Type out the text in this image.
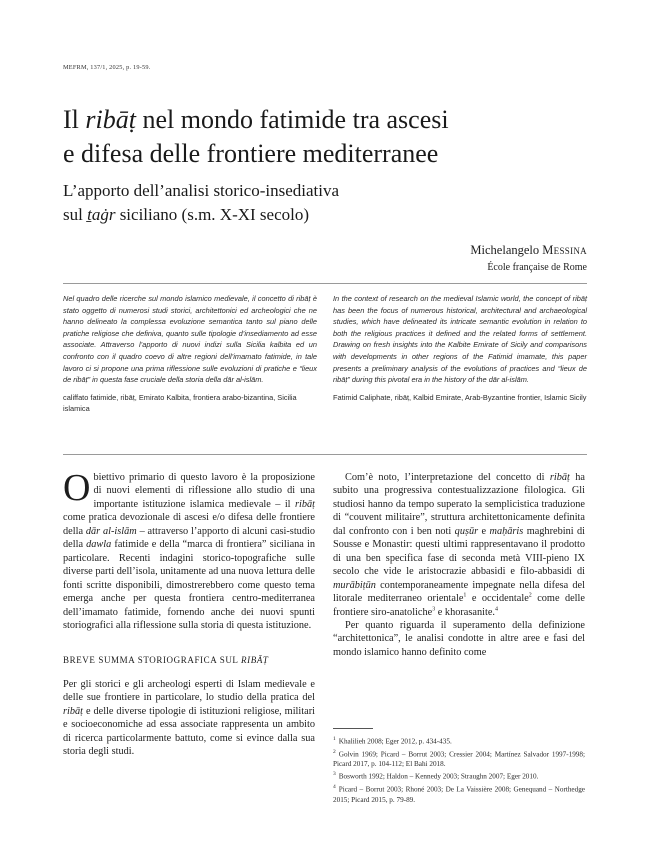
MEFRM, 137/1, 2025, p. 19-59.
Il ribāṭ nel mondo fatimide tra ascesi
e difesa delle frontiere mediterranee
L’apporto dell’analisi storico-insediativa
sul ṯaġr siciliano (s.m. X-XI secolo)
Michelangelo Messina
École française de Rome

Nel quadro delle ricerche sul mondo islamico medievale, il concetto di ribāṭ è stato oggetto di numerosi studi storici, architettonici ed archeologici che ne hanno delineato la complessa evoluzione semantica tanto sul piano delle pratiche religiose che definiva, quanto sulle tipologie d’insediamento ad esse associate. Attraverso l’apporto di nuovi indizi sulla Sicilia kalbita ed un confronto con il quadro coevo di altre regioni dell’imamato fatimide, in tale lavoro ci si propone una prima riflessione sulle evoluzioni di pratiche e “lieux de ribāṭ” in questa fase cruciale della storia della dār al-islām.

califfato fatimide, ribāṭ, Emirato Kalbita, frontiera arabo-bizantina, Sicilia islamica

In the context of research on the medieval Islamic world, the concept of ribāṭ has been the focus of numerous historical, architectural and archaeological studies, which have delineated its intricate semantic evolution in relation to both the religious practices it defined and the related forms of settlement. Drawing on fresh insights into the Kalbite Emirate of Sicily and comparisons with developments in other regions of the Fatimid imamate, this paper presents a preliminary analysis of the evolutions of practices and “lieux de ribāṭ” during this pivotal era in the history of the dār al-islām.

Fatimid Caliphate, ribāṭ, Kalbid Emirate, Arab-Byzantine frontier, Islamic Sicily

Obiettivo primario di questo lavoro è la proposizione di nuovi elementi di riflessione allo studio di una importante istituzione islamica medievale – il ribāṭ come pratica devozionale di ascesi e/o difesa delle frontiere della dār al-islām – attraverso l’apporto di alcuni casi-studio della dawla fatimide e della “marca di frontiera” siciliana in particolare. Recenti indagini storico-topografiche sulle diverse parti dell’isola, unitamente ad una nuova lettura delle fonti scritte disponibili, dimostrerebbero come questo tema emerga anche per questa frontiera centro-mediterranea dell’imamato fatimide, fornendo anche dei nuovi spunti storiografici alla riflessione sulla storia di questa istituzione.

BREVE SUMMA STORIOGRAFICA SUL RIBĀṬ

Per gli storici e gli archeologi esperti di Islam medievale e delle sue frontiere in particolare, lo studio della pratica del ribāṭ e delle diverse tipologie di istituzioni religiose, militari e socioeconomiche ad essa associate rappresenta un ambito di ricerca particolarmente battuto, come si evince dalla sua storia degli studi.

Com’è noto, l’interpretazione del concetto di ribāṭ ha subito una progressiva contestualizzazione filologica. Gli studiosi hanno da tempo superato la semplicistica traduzione di “couvent militaire”, struttura architettonicamente definita dal confronto con i ben noti quṣūr e maḥāris maghrebini di Sousse e Monastir: questi ultimi rappresentavano il prodotto di una ben specifica fase di seconda metà VIII-pieno IX secolo che vide le aristocrazie abbasidi e filo-abbasidi di murābiṭūn contemporaneamente impegnate nella difesa del litorale mediterraneo orientale$^1$ e occidentale$^2$ come delle frontiere siro-anatoliche$^3$ e khorasanite.$^4$

Per quanto riguarda il superamento della definizione “architettonica”, le analisi condotte in altre aree e fasi del mondo islamico hanno definito come

$^1$ Khalilieh 2008; Eger 2012, p. 434-435.

$^2$ Golvin 1969; Picard – Borrut 2003; Cressier 2004; Martínez Salvador 1997-1998; Picard 2017, p. 104-112; El Bahi 2018.

$^3$ Bosworth 1992; Haldon – Kennedy 2003; Straughn 2007; Eger 2010.

$^4$ Picard – Borrut 2003; Rhoné 2003; De La Vaissière 2008; Genequand – Northedge 2015; Picard 2015, p. 79-89.
